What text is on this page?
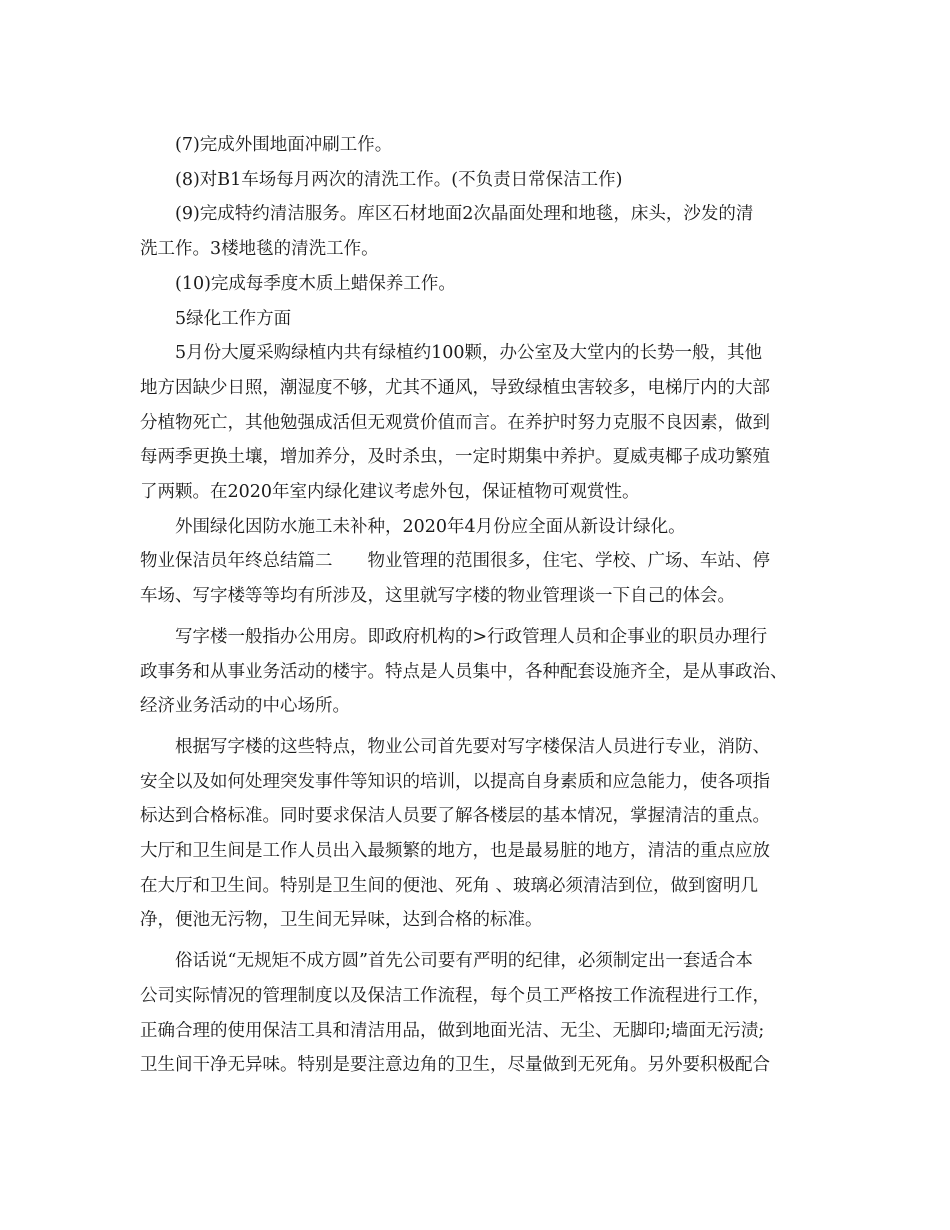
(7)完成外围地面冲刷工作。

(8)对B1车场每月两次的清洗工作。(不负责日常保洁工作)

(9)完成特约清洁服务。库区石材地面2次晶面处理和地毯，床头，沙发的清

洗工作。3楼地毯的清洗工作。

(10)完成每季度木质上蜡保养工作。

5绿化工作方面

5月份大厦采购绿植内共有绿植约100颗，办公室及大堂内的长势一般，其他

地方因缺少日照，潮湿度不够，尤其不通风，导致绿植虫害较多，电梯厅内的大部

分植物死亡，其他勉强成活但无观赏价值而言。在养护时努力克服不良因素，做到

每两季更换土壤，增加养分，及时杀虫，一定时期集中养护。夏威夷椰子成功繁殖

了两颗。在2020年室内绿化建议考虑外包，保证植物可观赏性。

外围绿化因防水施工未补种，2020年4月份应全面从新设计绿化。

物业保洁员年终总结篇二　　物业管理的范围很多，住宅、学校、广场、车站、停

车场、写字楼等等均有所涉及，这里就写字楼的物业管理谈一下自己的体会。

写字楼一般指办公用房。即政府机构的>行政管理人员和企事业的职员办理行

政事务和从事业务活动的楼宇。特点是人员集中，各种配套设施齐全，是从事政治、

经济业务活动的中心场所。

根据写字楼的这些特点，物业公司首先要对写字楼保洁人员进行专业，消防、

安全以及如何处理突发事件等知识的培训，以提高自身素质和应急能力，使各项指

标达到合格标准。同时要求保洁人员要了解各楼层的基本情况，掌握清洁的重点。

大厅和卫生间是工作人员出入最频繁的地方，也是最易脏的地方，清洁的重点应放

在大厅和卫生间。特别是卫生间的便池、死角 、玻璃必须清洁到位，做到窗明几

净，便池无污物，卫生间无异味，达到合格的标准。

俗话说“无规矩不成方圆”首先公司要有严明的纪律，必须制定出一套适合本

公司实际情况的管理制度以及保洁工作流程，每个员工严格按工作流程进行工作，

正确合理的使用保洁工具和清洁用品，做到地面光洁、无尘、无脚印;墙面无污渍;

卫生间干净无异味。特别是要注意边角的卫生，尽量做到无死角。另外要积极配合
